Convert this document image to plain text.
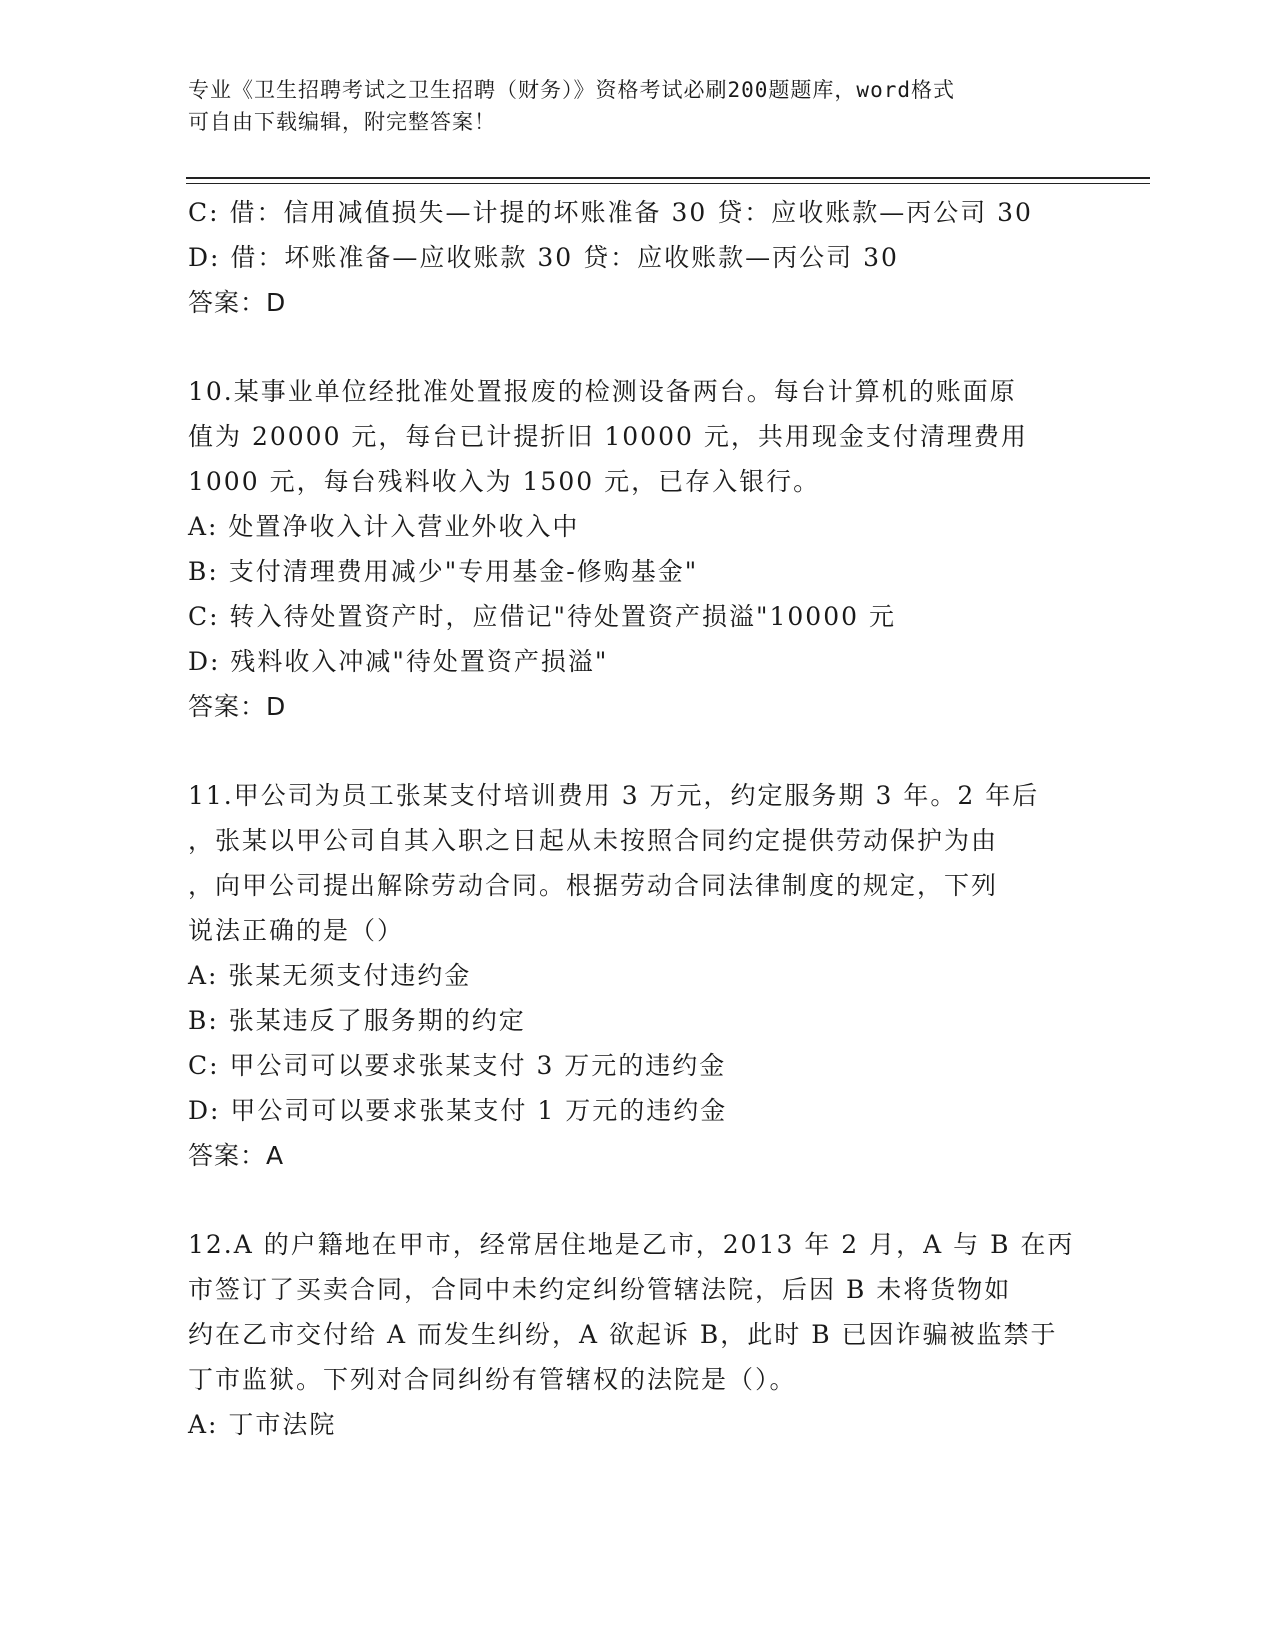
专业《卫生招聘考试之卫生招聘（财务）》资格考试必刷200题题库，word格式
可自由下载编辑，附完整答案！
C: 借：信用减值损失—计提的坏账准备 30 贷：应收账款—丙公司 30
D: 借：坏账准备—应收账款 30 贷：应收账款—丙公司 30
答案：D
10.某事业单位经批准处置报废的检测设备两台。每台计算机的账面原
值为 20000 元，每台已计提折旧 10000 元，共用现金支付清理费用
1000 元，每台残料收入为 1500 元，已存入银行。
A: 处置净收入计入营业外收入中
B: 支付清理费用减少"专用基金-修购基金"
C: 转入待处置资产时，应借记"待处置资产损溢"10000 元
D: 残料收入冲减"待处置资产损溢"
答案：D
11.甲公司为员工张某支付培训费用 3 万元，约定服务期 3 年。2 年后
，张某以甲公司自其入职之日起从未按照合同约定提供劳动保护为由
，向甲公司提出解除劳动合同。根据劳动合同法律制度的规定，下列
说法正确的是（）
A: 张某无须支付违约金
B: 张某违反了服务期的约定
C: 甲公司可以要求张某支付 3 万元的违约金
D: 甲公司可以要求张某支付 1 万元的违约金
答案：A
12.A 的户籍地在甲市，经常居住地是乙市，2013 年 2 月，A 与 B 在丙
市签订了买卖合同，合同中未约定纠纷管辖法院，后因 B 未将货物如
约在乙市交付给 A 而发生纠纷，A 欲起诉 B，此时 B 已因诈骗被监禁于
丁市监狱。下列对合同纠纷有管辖权的法院是（）。
A: 丁市法院
